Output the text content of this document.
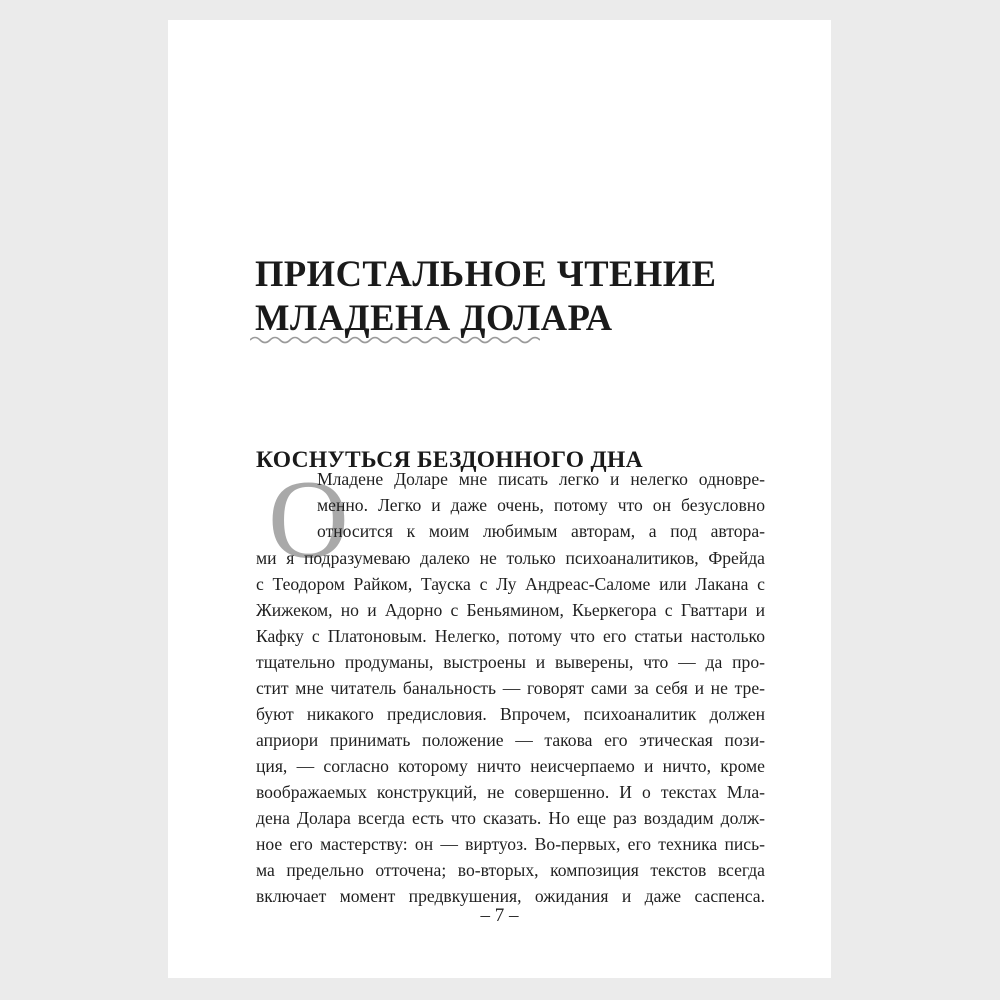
ПРИСТАЛЬНОЕ ЧТЕНИЕ
МЛАДЕНА ДОЛАРА
КОСНУТЬСЯ БЕЗДОННОГО ДНА
О
Младене Доларе мне писать легко и нелегко одновре-
менно. Легко и даже очень, потому что он безусловно
относится к моим любимым авторам, а под автора-
ми я подразумеваю далеко не только психоаналитиков, Фрейда
с Теодором Райком, Тауска с Лу Андреас-Саломе или Лакана с
Жижеком, но и Адорно с Беньямином, Кьеркегора с Гваттари и
Кафку с Платоновым. Нелегко, потому что его статьи настолько
тщательно продуманы, выстроены и выверены, что — да про-
стит мне читатель банальность — говорят сами за себя и не тре-
буют никакого предисловия. Впрочем, психоаналитик должен
априори принимать положение — такова его этическая пози-
ция, — согласно которому ничто неисчерпаемо и ничто, кроме
воображаемых конструкций, не совершенно. И о текстах Мла-
дена Долара всегда есть что сказать. Но еще раз воздадим долж-
ное его мастерству: он — виртуоз. Во-первых, его техника пись-
ма предельно отточена; во-вторых, композиция текстов всегда
включает момент предвкушения, ожидания и даже саспенса.
– 7 –
